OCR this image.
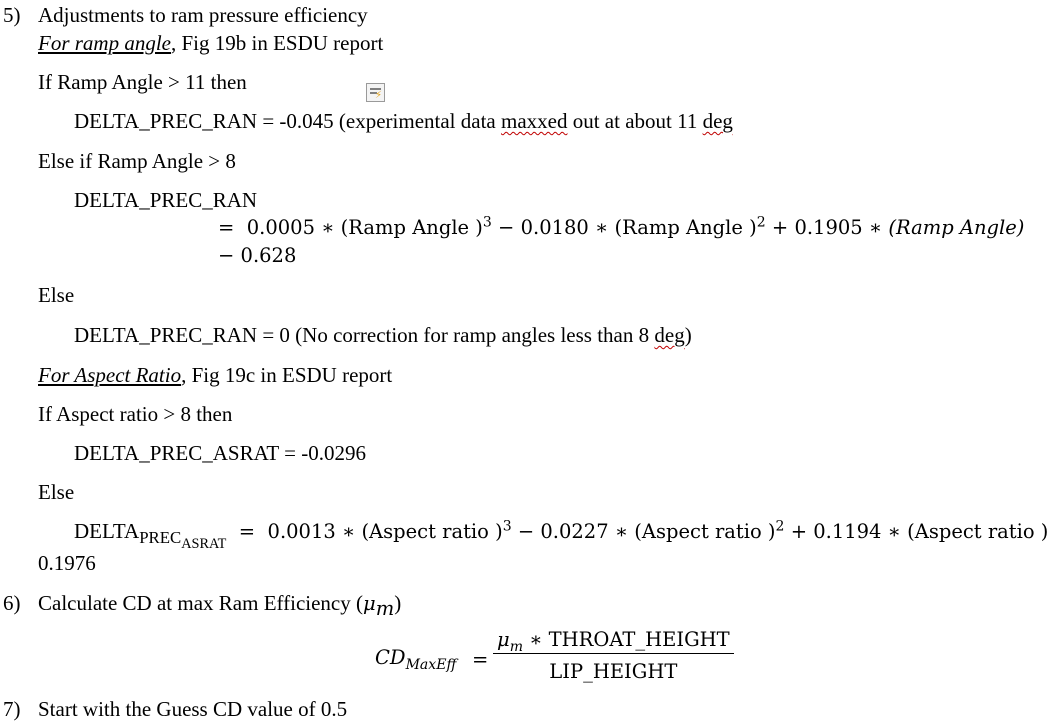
5) Adjustments to ram pressure efficiency
For ramp angle, Fig 19b in ESDU report
If Ramp Angle > 11 then
⚡
DELTA_PREC_RAN = -0.045 (experimental data maxxed out at about 11 deg
Else if Ramp Angle > 8
DELTA_PREC_RAN
= 0.0005 ∗ (Ramp Angle )$^3$ − 0.0180 ∗ (Ramp Angle )$^2$ + 0.1905 ∗ (Ramp Angle)
− 0.628
Else
DELTA_PREC_RAN = 0 (No correction for ramp angles less than 8 deg)
For Aspect Ratio, Fig 19c in ESDU report
If Aspect ratio > 8 then
DELTA_PREC_ASRAT = -0.0296
Else
$DELTA_{PREC_{ASRAT}} = 0.0013$ ∗ (Aspect ratio )$^3$ − 0.0227 ∗ (Aspect ratio )$^2$ + 0.1194 ∗ (Aspect ratio )
0.1976
6) Calculate CD at max Ram Efficiency $(\mu_m)$
$CD_{MaxEff}$ =
$\mu_m$ ∗ THROAT_HEIGHT
LIP_HEIGHT
7) Start with the Guess CD value of 0.5
